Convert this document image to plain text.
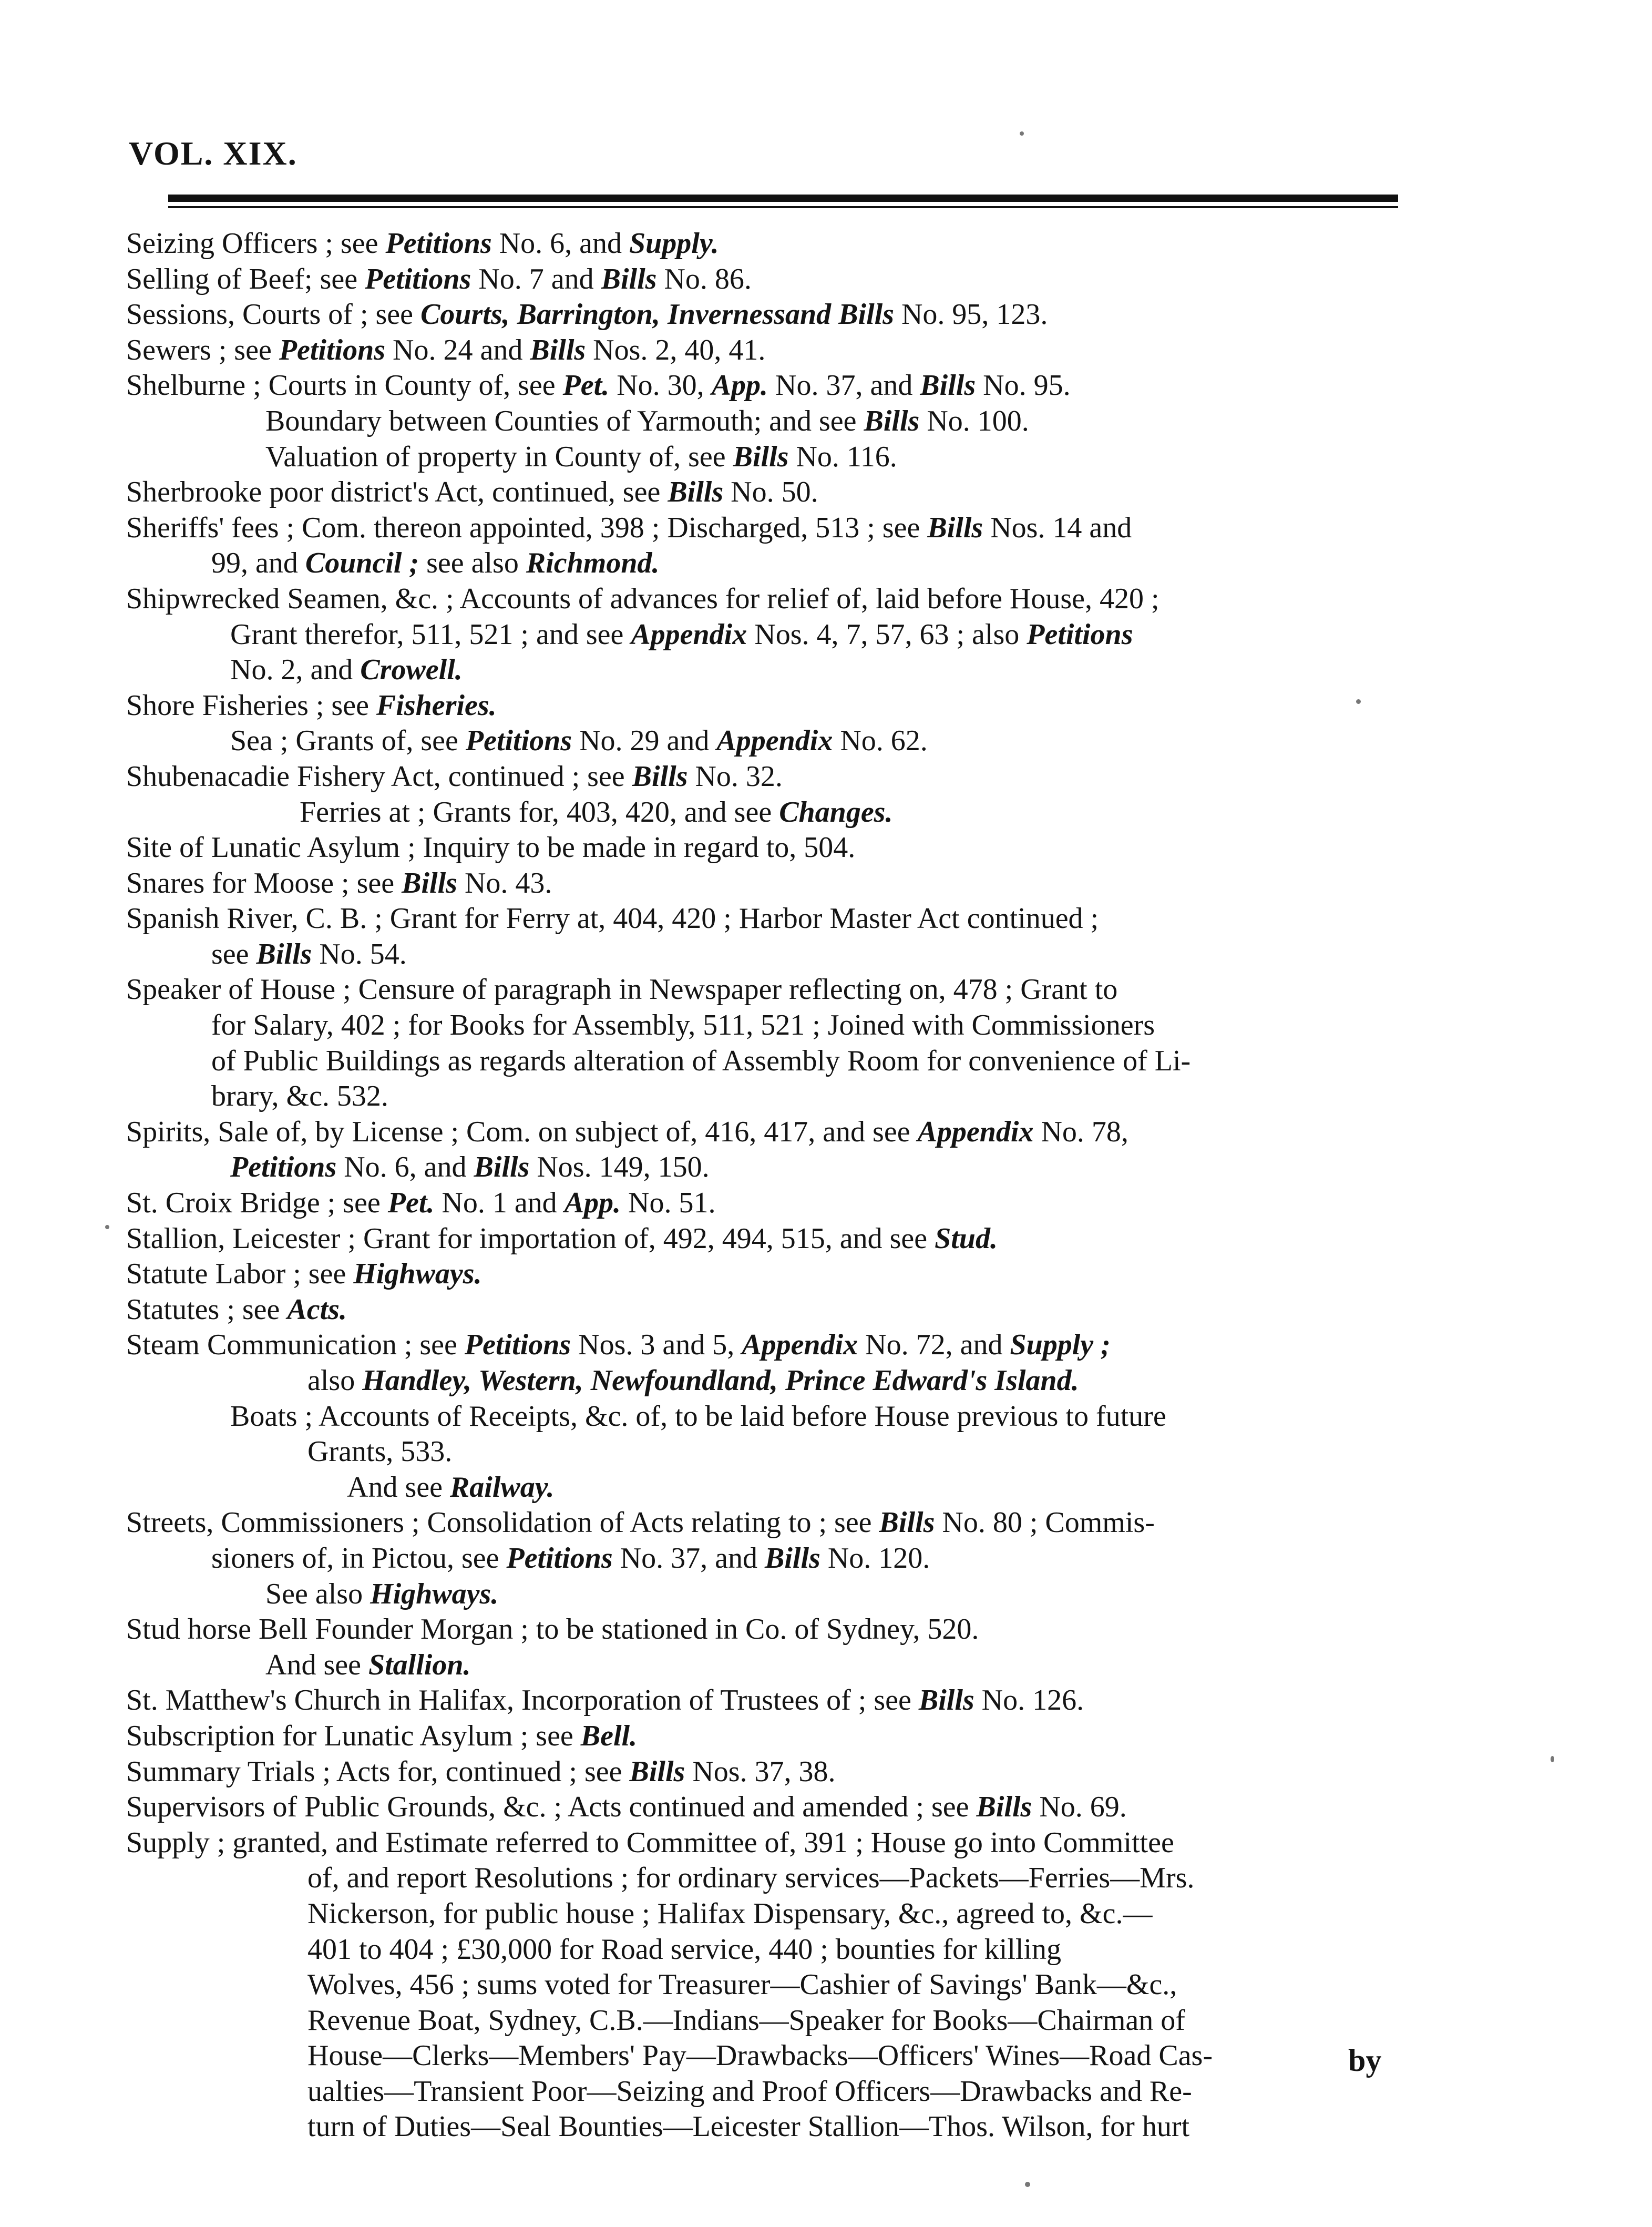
VOL. XIX.
Seizing Officers ; see Petitions No. 6, and Supply.
Selling of Beef; see Petitions No. 7 and Bills No. 86.
Sessions, Courts of ; see Courts, Barrington, Invernessand Bills No. 95, 123.
Sewers ; see Petitions No. 24 and Bills Nos. 2, 40, 41.
Shelburne ; Courts in County of, see Pet. No. 30, App. No. 37, and Bills No. 95.
Boundary between Counties of Yarmouth; and see Bills No. 100.
Valuation of property in County of, see Bills No. 116.
Sherbrooke poor district's Act, continued, see Bills No. 50.
Sheriffs' fees ; Com. thereon appointed, 398 ; Discharged, 513 ; see Bills Nos. 14 and
99, and Council ; see also Richmond.
Shipwrecked Seamen, &c. ; Accounts of advances for relief of, laid before House, 420 ;
Grant therefor, 511, 521 ; and see Appendix Nos. 4, 7, 57, 63 ; also Petitions
No. 2, and Crowell.
Shore Fisheries ; see Fisheries.
Sea ; Grants of, see Petitions No. 29 and Appendix No. 62.
Shubenacadie Fishery Act, continued ; see Bills No. 32.
Ferries at ; Grants for, 403, 420, and see Changes.
Site of Lunatic Asylum ; Inquiry to be made in regard to, 504.
Snares for Moose ; see Bills No. 43.
Spanish River, C. B. ; Grant for Ferry at, 404, 420 ; Harbor Master Act continued ;
see Bills No. 54.
Speaker of House ; Censure of paragraph in Newspaper reflecting on, 478 ; Grant to
for Salary, 402 ; for Books for Assembly, 511, 521 ; Joined with Commissioners
of Public Buildings as regards alteration of Assembly Room for convenience of Li-
brary, &c. 532.
Spirits, Sale of, by License ; Com. on subject of, 416, 417, and see Appendix No. 78,
Petitions No. 6, and Bills Nos. 149, 150.
St. Croix Bridge ; see Pet. No. 1 and App. No. 51.
Stallion, Leicester ; Grant for importation of, 492, 494, 515, and see Stud.
Statute Labor ; see Highways.
Statutes ; see Acts.
Steam Communication ; see Petitions Nos. 3 and 5, Appendix No. 72, and Supply ;
also Handley, Western, Newfoundland, Prince Edward's Island.
Boats ; Accounts of Receipts, &c. of, to be laid before House previous to future
Grants, 533.
And see Railway.
Streets, Commissioners ; Consolidation of Acts relating to ; see Bills No. 80 ; Commis-
sioners of, in Pictou, see Petitions No. 37, and Bills No. 120.
See also Highways.
Stud horse Bell Founder Morgan ; to be stationed in Co. of Sydney, 520.
And see Stallion.
St. Matthew's Church in Halifax, Incorporation of Trustees of ; see Bills No. 126.
Subscription for Lunatic Asylum ; see Bell.
Summary Trials ; Acts for, continued ; see Bills Nos. 37, 38.
Supervisors of Public Grounds, &c. ; Acts continued and amended ; see Bills No. 69.
Supply ; granted, and Estimate referred to Committee of, 391 ; House go into Committee
of, and report Resolutions ; for ordinary services—Packets—Ferries—Mrs.
Nickerson, for public house ; Halifax Dispensary, &c., agreed to, &c.—
401 to 404 ; £30,000 for Road service, 440 ; bounties for killing
Wolves, 456 ; sums voted for Treasurer—Cashier of Savings' Bank—&c.,
Revenue Boat, Sydney, C.B.—Indians—Speaker for Books—Chairman of
House—Clerks—Members' Pay—Drawbacks—Officers' Wines—Road Cas-
ualties—Transient Poor—Seizing and Proof Officers—Drawbacks and Re-
turn of Duties—Seal Bounties—Leicester Stallion—Thos. Wilson, for hurt
by
